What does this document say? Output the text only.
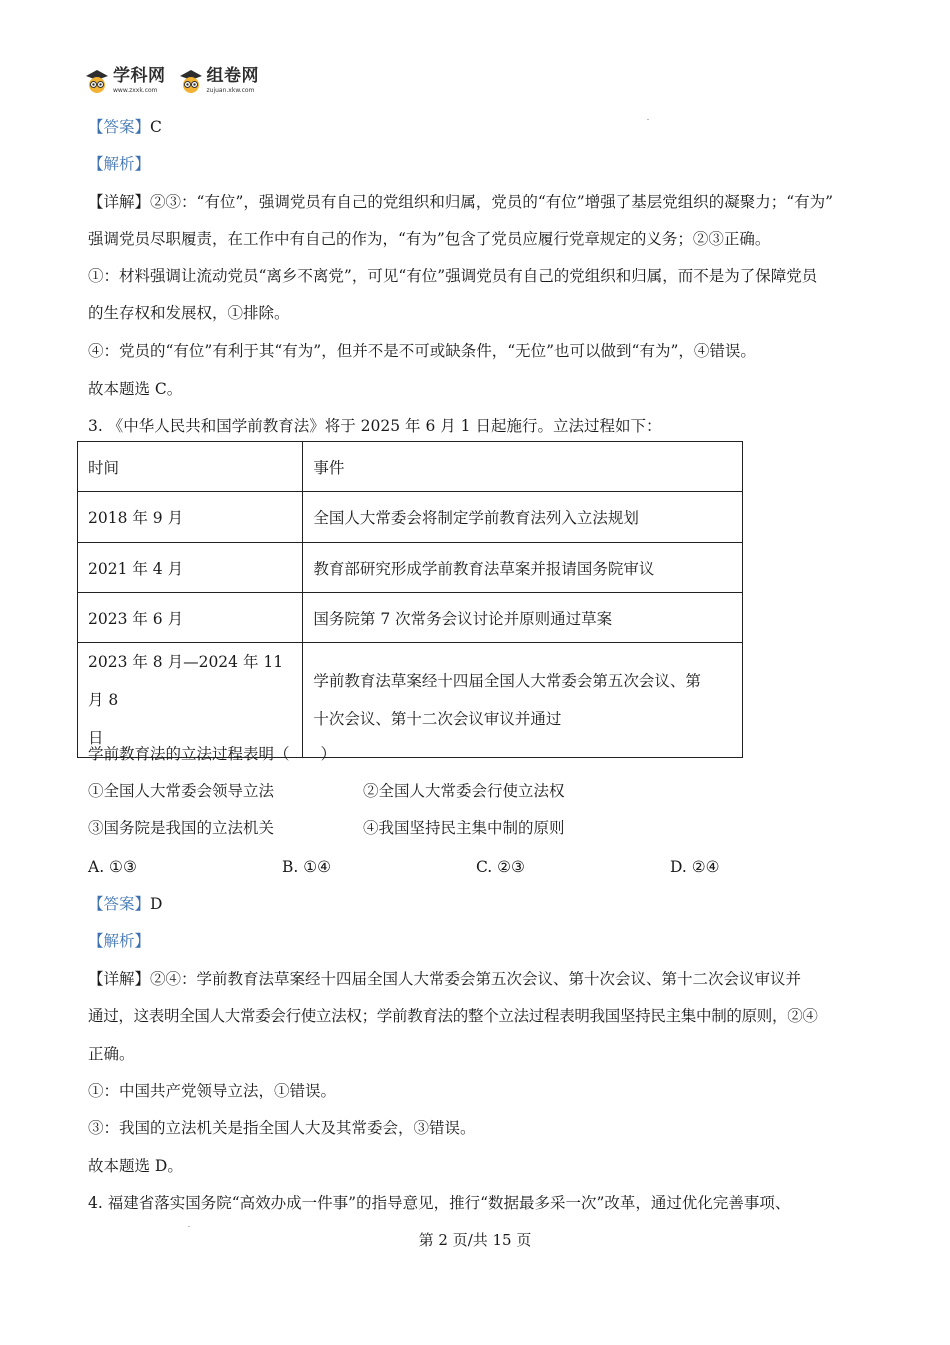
学科网
www.zxxk.com
组卷网
zujuan.xkw.com
【答案】C
【解析】
【详解】②③：“有位”，强调党员有自己的党组织和归属，党员的“有位”增强了基层党组织的凝聚力；“有为”
强调党员尽职履责，在工作中有自己的作为，“有为”包含了党员应履行党章规定的义务；②③正确。
①：材料强调让流动党员“离乡不离党”，可见“有位”强调党员有自己的党组织和归属，而不是为了保障党员
的生存权和发展权，①排除。
④：党员的“有位”有利于其“有为”，但并不是不可或缺条件，“无位”也可以做到“有为”，④错误。
故本题选 C。
3. 《中华人民共和国学前教育法》将于 2025 年 6 月 1 日起施行。立法过程如下：
时间	事件
2018 年 9 月	全国人大常委会将制定学前教育法列入立法规划
2021 年 4 月	教育部研究形成学前教育法草案并报请国务院审议
2023 年 6 月	国务院第 7 次常务会议讨论并原则通过草案
2023 年 8 月—2024 年 11 月 8
日	学前教育法草案经十四届全国人大常委会第五次会议、第
十次会议、第十二次会议审议并通过
学前教育法的立法过程表明（　　）
①全国人大常委会领导立法	②全国人大常委会行使立法权
③国务院是我国的立法机关	④我国坚持民主集中制的原则
A. ①③	B. ①④	C. ②③	D. ②④
【答案】D
【解析】
【详解】②④：学前教育法草案经十四届全国人大常委会第五次会议、第十次会议、第十二次会议审议并
通过，这表明全国人大常委会行使立法权；学前教育法的整个立法过程表明我国坚持民主集中制的原则，②④
正确。
①：中国共产党领导立法，①错误。
③：我国的立法机关是指全国人大及其常委会，③错误。
故本题选 D。
4. 福建省落实国务院“高效办成一件事”的指导意见，推行“数据最多采一次”改革，通过优化完善事项、
第 2 页/共 15 页
